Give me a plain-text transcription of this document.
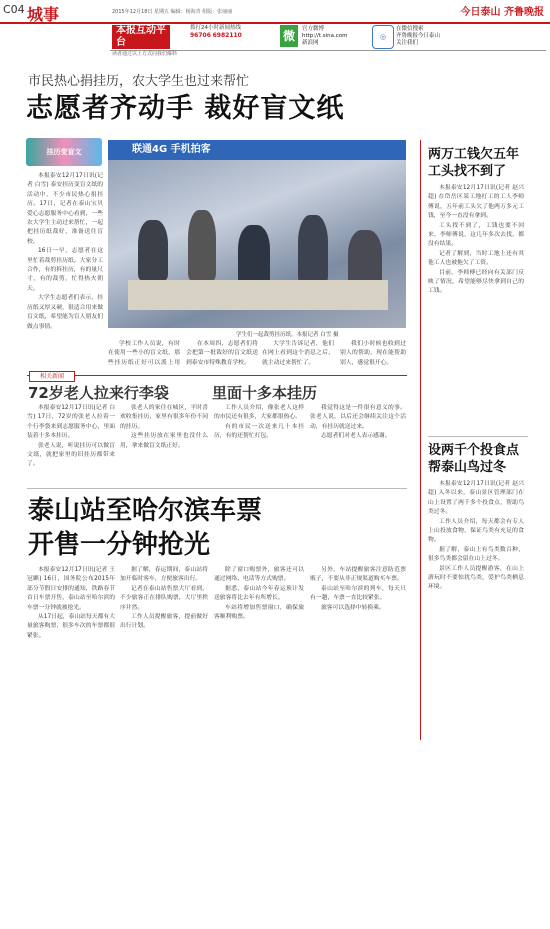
C04 城事	2015年12月18日 星期五 编辑：杨海青 组版：张丽丽	今日泰山 齐鲁晚报
本报互动平台
拨打24小时新闻热线
96706 6982110	微	官方微博
http://t.sina.com
新浪网
◎
在微信搜索
齐鲁晚报今日泰山
关注我们
读者通过以上方式向我们爆料
市民热心捐挂历，农大学生也过来帮忙
志愿者齐动手 裁好盲文纸
挂历变盲文	联通4G 手机拍客
学生们一起裁剪挂历纸。本报记者 白雪 摄

本报泰安12月17日讯(记者 白雪) 泰安挂历变盲文纸的活动中，不少市民热心捐挂历。17日，记者在泰山宝贝爱心志愿服务中心看到，一些农大学生主动过来帮忙，一起把挂历纸裁好，准备送往盲校。

16日一早，志愿者在这里忙着裁剪挂历纸。大家分工合作，有的拆挂历，有的量尺寸，有的裁剪，忙得热火朝天。

大学生志愿者们表示，挂历纸又厚又硬，很适合用来做盲文纸，希望能为盲人朋友们做点事情。

学校工作人员说，有时在使用一些小的盲文纸，那些挂历纸正好可以派上用

在本周四，志愿者们将会把第一批裁好的盲文纸送到泰安市特殊教育学校。

大学生告诉记者，他们在网上看到这个消息之后，就主动过来帮忙了。

我们小时候也收到过别人的帮助，现在能帮助别人，感觉很开心。

相关新闻
72岁老人拉来行李袋	里面十多本挂历

本报泰安12月17日讯(记者 白雪) 17日，72岁的张老人拉着一个行李袋来到志愿服务中心，里面装着十多本挂历。

张老人说，听说挂历可以做盲文纸，就把家里的旧挂历都带来了。

张老人的家住在城区，平时喜欢收集挂历，家里有很多年份不同的挂历。

这些挂历放在家里也没什么用，拿来做盲文纸正好。

工作人员介绍，像张老人这样的市民还有很多，大家都很热心。

有的市民一次送来几十本挂历，有的还帮忙打包。

我觉得这是一件很有意义的事。张老人说，以后还会继续关注这个活动，有挂历就送过来。

志愿者们对老人表示感谢。

泰山站至哈尔滨车票
开售一分钟抢光

本报泰安12月17日讯(记者 王冠麒) 16日，国务院公布2015年部分节假日安排的通知，铁路春节首日车票开售，泰山站至哈尔滨的车票一分钟就被抢光。

从17日起，泰山站每天都有大量旅客购票，很多车次的车票都很紧张。

据了解，春运期间，泰山站将加开临时客车，方便旅客出行。

记者在泰山站售票大厅看到，不少旅客正在排队购票，大厅里秩序井然。

工作人员提醒旅客，提前做好出行计划。

除了窗口购票外，旅客还可以通过网络、电话等方式购票。

据悉，泰山站今年春运预计发送旅客将比去年有所增长。

车站将增加售票窗口，确保旅客顺利购票。

另外，车站提醒旅客注意防范票贩子，不要从非正规渠道购买车票。

泰山站至哈尔滨的列车，每天只有一趟，车票一直比较紧张。

旅客可以选择中转换乘。

两万工钱欠五年
工头找不到了

本报泰安12月17日讯(记者 赵兴超) 在岱岳区某工地打工的工人李师傅说，五年前工头欠了他两万多元工钱，至今一直没有拿到。

工头找不到了，工钱也要不回来，李师傅说，这几年多次去找，都没有结果。

记者了解到，当时工地上还有其他工人也被拖欠了工资。

目前，李师傅已经向有关部门反映了情况，希望能够尽快拿到自己的工钱。

设两千个投食点
帮泰山鸟过冬

本报泰安12月17日讯(记者 赵兴超) 入冬以来，泰山景区管理部门在山上设置了两千多个投食点，帮助鸟类过冬。

工作人员介绍，每天都会有专人上山投放食物，保证鸟类有充足的食物。

据了解，泰山上有鸟类数百种，很多鸟类都会留在山上过冬。

景区工作人员提醒游客，在山上游玩时不要惊扰鸟类，爱护鸟类栖息环境。
